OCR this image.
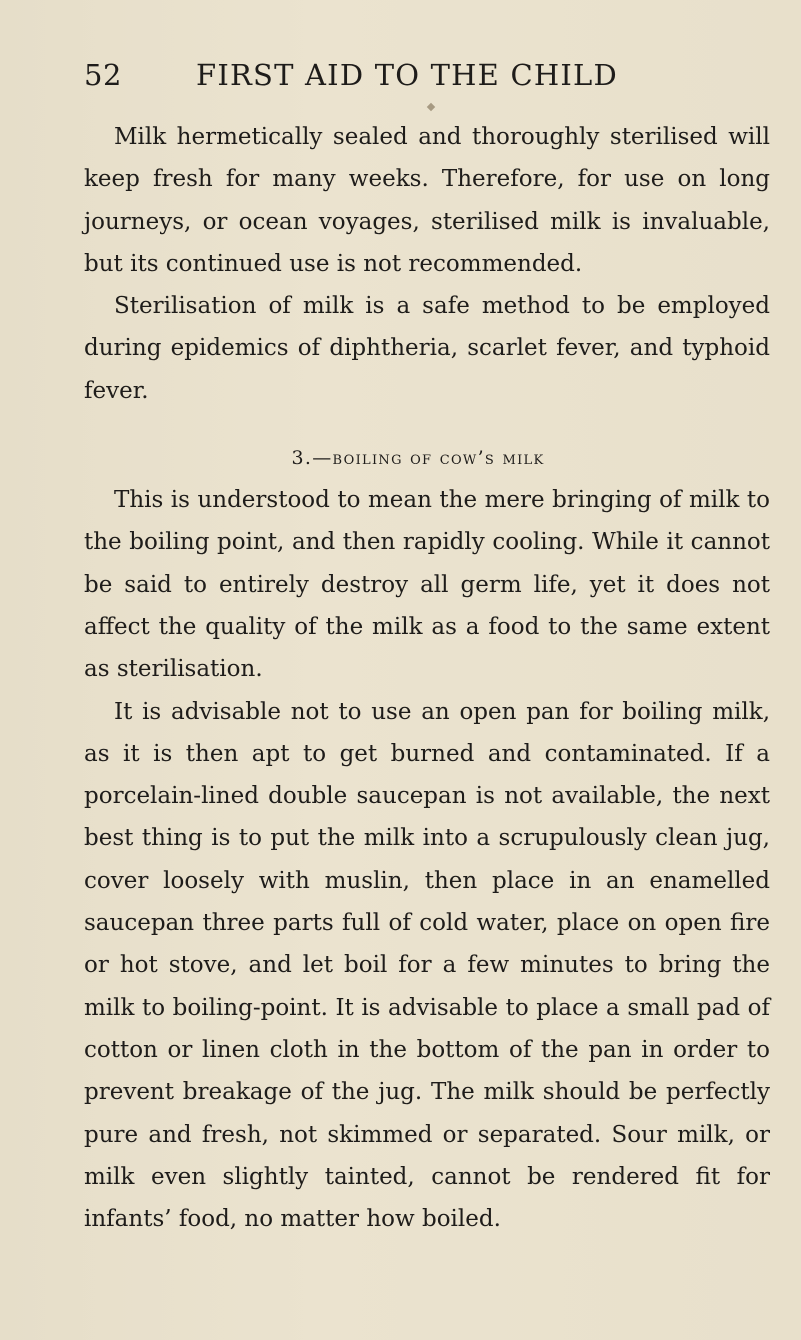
52	FIRST AID TO THE CHILD

Milk hermetically sealed and thoroughly sterilised will keep fresh for many weeks. Therefore, for use on long journeys, or ocean voyages, sterilised milk is invaluable, but its continued use is not recommended.

Sterilisation of milk is a safe method to be employed during epidemics of diphtheria, scarlet fever, and typhoid fever.

3.—boiling of cow’s milk

This is understood to mean the mere bringing of milk to the boiling point, and then rapidly cooling. While it cannot be said to entirely destroy all germ life, yet it does not affect the quality of the milk as a food to the same extent as sterilisation.

It is advisable not to use an open pan for boiling milk, as it is then apt to get burned and contaminated. If a porcelain-lined double saucepan is not available, the next best thing is to put the milk into a scrupulously clean jug, cover loosely with muslin, then place in an enamelled saucepan three parts full of cold water, place on open fire or hot stove, and let boil for a few minutes to bring the milk to boiling-point. It is advisable to place a small pad of cotton or linen cloth in the bottom of the pan in order to prevent breakage of the jug. The milk should be perfectly pure and fresh, not skimmed or separated. Sour milk, or milk even slightly tainted, cannot be rendered fit for infants’ food, no matter how boiled.
